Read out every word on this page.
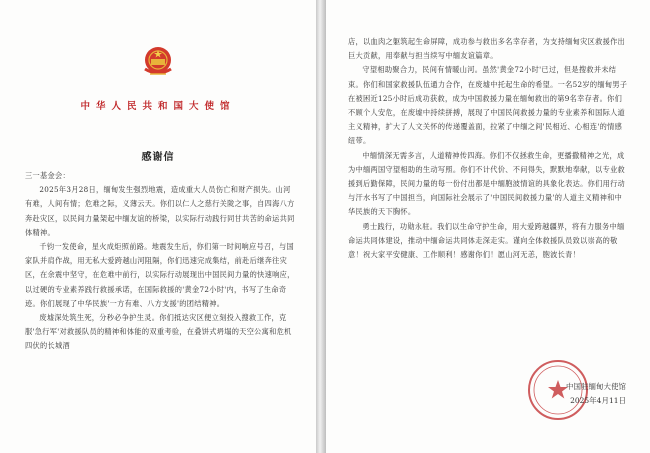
中华人民共和国大使馆
感谢信

三一基金会：

2025年3月28日，缅甸发生强烈地震，造成重大人员伤亡和财产损失。山河有难，人间有情；危难之际，义薄云天。你们以仁人之慈行关陇之事，自四海八方奔赴灾区，以民间力量架起中缅友谊的桥梁，以实际行动践行同甘共苦的命运共同体精神。

千钧一发使命，星火成炬照前路。地震发生后，你们第一时间响应号召，与国家队并肩作战，用无私大爱跨越山河阻隔，你们迅速完成集结，前赴后继奔往灾区，在余震中坚守，在危难中前行，以实际行动展现出中国民间力量的快速响应，以过硬的专业素养践行救援承诺，在国际救援的'黄金72小时'内，书写了生命奇迹。你们展现了中华民族'一方有难、八方支援'的团结精神。

废墟深处筑生死，分秒必争护生灵。你们抵达灾区便立刻投入搜救工作，克服'急行军'对救援队员的精神和体能的双重考验，在叠饼式坍塌的天空公寓和危机四伏的长城酒

店，以血肉之躯筑起生命屏障，成功参与救出多名幸存者，为支持缅甸灾区救援作出巨大贡献，用奉献与担当续写中缅友谊篇章。

守望相助聚合力，民间有情暖山河。虽然'黄金72小时'已过，但是搜救并未结束。你们和国家救援队伍通力合作，在废墟中托起生命的希望。一名52岁的缅甸男子在被困近125小时后成功获救，成为中国救援力量在缅甸救出的第9名幸存者。你们不顾个人安危，在废墟中持续拼搏，展现了中国民间救援力量的专业素养和国际人道主义精神，扩大了人文关怀的传递覆盖面，拉紧了中缅之间'民相近、心相连'的情感纽带。

中缅情深无需多言，人道精神传四海。你们不仅拯救生命，更播撒精神之光，成为中缅两国守望相助的生动写照。你们不计代价、不问得失，默默地奉献，以专业救援到后勤保障，民间力量的每一份付出都是中缅胞波情谊的具象化表达。你们用行动与汗水书写了中国担当，向国际社会展示了'中国民间救援力量'的人道主义精神和中华民族的天下胸怀。

勇士践行，功勋永驻。我们以生命守护生命，用大爱跨越疆界，将有力服务中缅命运共同体建设，推动中缅命运共同体走深走实。谨向全体救援队员致以崇高的敬意！祝大家平安健康、工作顺利！感谢你们！愿山河无恙，胞波长青！

中国驻缅甸大使馆
2025年4月11日
